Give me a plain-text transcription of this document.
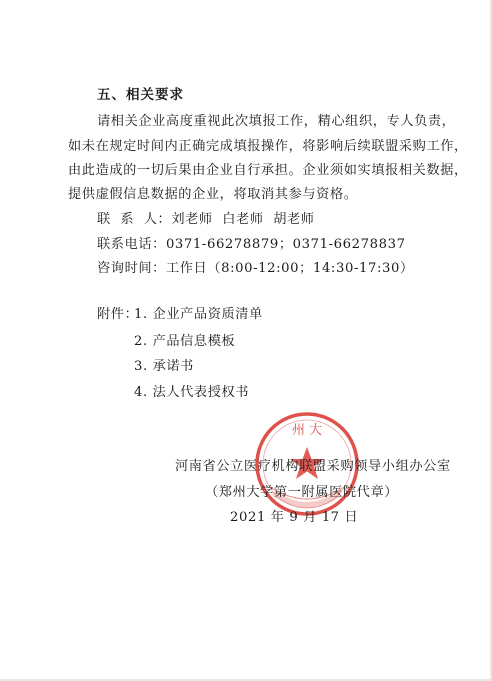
五、相关要求
请相关企业高度重视此次填报工作，精心组织，专人负责，
如未在规定时间内正确完成填报操作，将影响后续联盟采购工作，
由此造成的一切后果由企业自行承担。企业须如实填报相关数据，
提供虚假信息数据的企业，将取消其参与资格。
联  系  人：刘老师  白老师  胡老师
联系电话：0371-66278879；0371-66278837
咨询时间：工作日（8:00-12:00；14:30-17:30）
附件：
1. 企业产品资质清单
2. 产品信息模板
3. 承诺书
4. 法人代表授权书
州 大
河南省公立医疗机构联盟采购领导小组办公室
（郑州大学第一附属医院代章）
2021 年 9 月 17 日
